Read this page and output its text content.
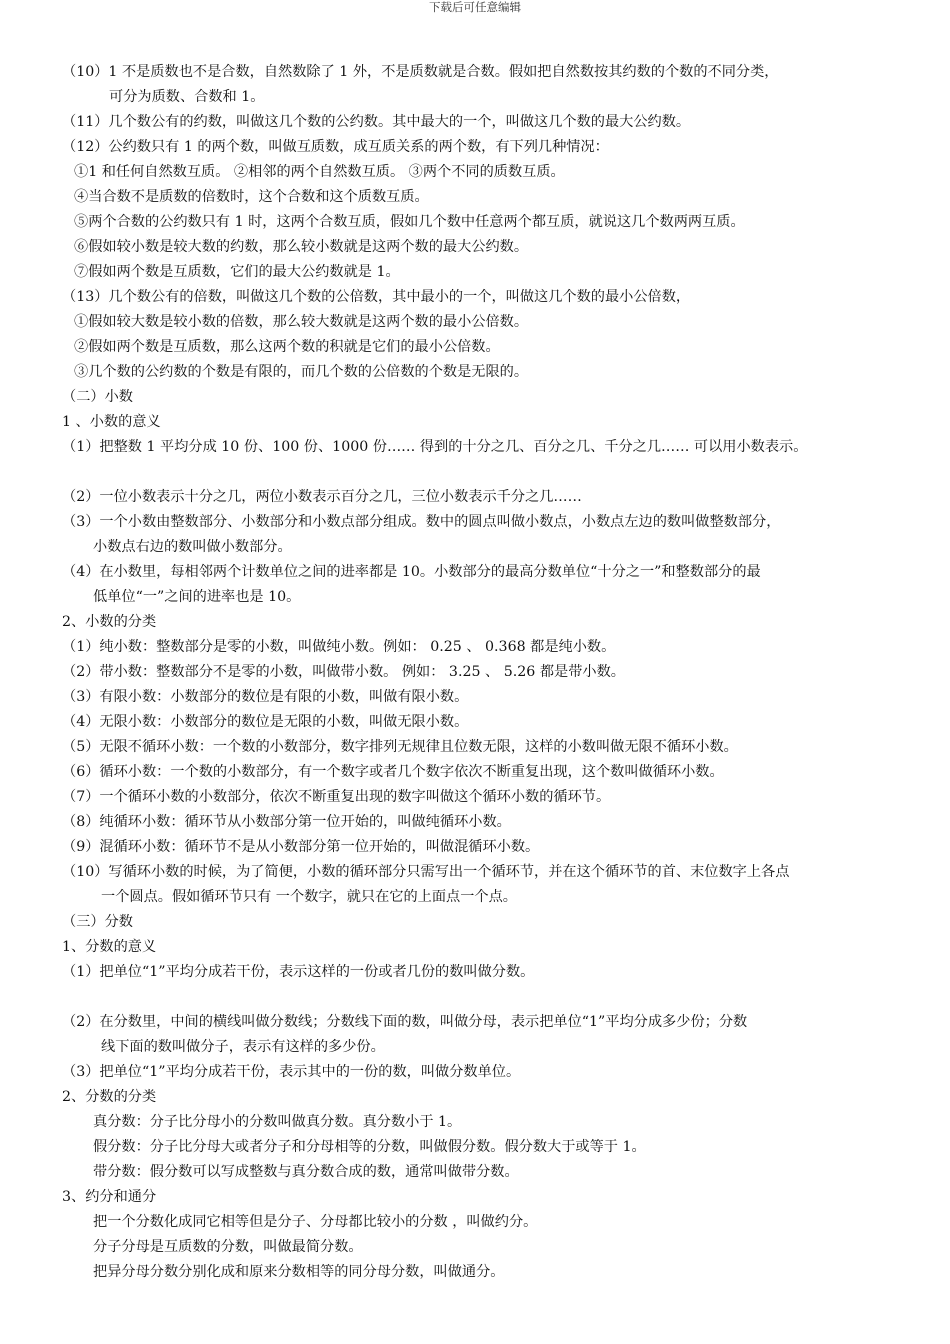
下载后可任意编辑
（10）1 不是质数也不是合数，自然数除了 1 外，不是质数就是合数。假如把自然数按其约数的个数的不同分类，
可分为质数、合数和 1。
（11）几个数公有的约数，叫做这几个数的公约数。其中最大的一个，叫做这几个数的最大公约数。
（12）公约数只有 1 的两个数，叫做互质数，成互质关系的两个数，有下列几种情况：
①1 和任何自然数互质。 ②相邻的两个自然数互质。 ③两个不同的质数互质。
④当合数不是质数的倍数时，这个合数和这个质数互质。
⑤两个合数的公约数只有 1 时，这两个合数互质，假如几个数中任意两个都互质，就说这几个数两两互质。
⑥假如较小数是较大数的约数，那么较小数就是这两个数的最大公约数。
⑦假如两个数是互质数，它们的最大公约数就是 1。
（13）几个数公有的倍数，叫做这几个数的公倍数，其中最小的一个，叫做这几个数的最小公倍数，
①假如较大数是较小数的倍数，那么较大数就是这两个数的最小公倍数。
②假如两个数是互质数，那么这两个数的积就是它们的最小公倍数。
③几个数的公约数的个数是有限的，而几个数的公倍数的个数是无限的。
（二）小数
1 、小数的意义
（1）把整数 1 平均分成 10 份、100 份、1000 份…… 得到的十分之几、百分之几、千分之几…… 可以用小数表示。
（2）一位小数表示十分之几，两位小数表示百分之几，三位小数表示千分之几……
（3）一个小数由整数部分、小数部分和小数点部分组成。数中的圆点叫做小数点，小数点左边的数叫做整数部分，
小数点右边的数叫做小数部分。
（4）在小数里，每相邻两个计数单位之间的进率都是 10。小数部分的最高分数单位“十分之一”和整数部分的最
低单位“一”之间的进率也是 10。
2、小数的分类
（1）纯小数：整数部分是零的小数，叫做纯小数。例如： 0.25 、 0.368 都是纯小数。
（2）带小数：整数部分不是零的小数，叫做带小数。 例如： 3.25 、 5.26 都是带小数。
（3）有限小数：小数部分的数位是有限的小数，叫做有限小数。
（4）无限小数：小数部分的数位是无限的小数，叫做无限小数。
（5）无限不循环小数：一个数的小数部分，数字排列无规律且位数无限，这样的小数叫做无限不循环小数。
（6）循环小数：一个数的小数部分，有一个数字或者几个数字依次不断重复出现，这个数叫做循环小数。
（7）一个循环小数的小数部分，依次不断重复出现的数字叫做这个循环小数的循环节。
（8）纯循环小数：循环节从小数部分第一位开始的，叫做纯循环小数。
（9）混循环小数：循环节不是从小数部分第一位开始的，叫做混循环小数。
（10）写循环小数的时候，为了简便，小数的循环部分只需写出一个循环节，并在这个循环节的首、末位数字上各点
一个圆点。假如循环节只有 一个数字，就只在它的上面点一个点。
（三）分数
1、分数的意义
（1）把单位“1”平均分成若干份，表示这样的一份或者几份的数叫做分数。
（2）在分数里，中间的横线叫做分数线；分数线下面的数，叫做分母，表示把单位“1”平均分成多少份；分数
线下面的数叫做分子，表示有这样的多少份。
（3）把单位“1”平均分成若干份，表示其中的一份的数，叫做分数单位。
2、分数的分类
真分数：分子比分母小的分数叫做真分数。真分数小于 1。
假分数：分子比分母大或者分子和分母相等的分数，叫做假分数。假分数大于或等于 1。
带分数：假分数可以写成整数与真分数合成的数，通常叫做带分数。
3、约分和通分
把一个分数化成同它相等但是分子、分母都比较小的分数 ，叫做约分。
分子分母是互质数的分数，叫做最简分数。
把异分母分数分别化成和原来分数相等的同分母分数，叫做通分。
